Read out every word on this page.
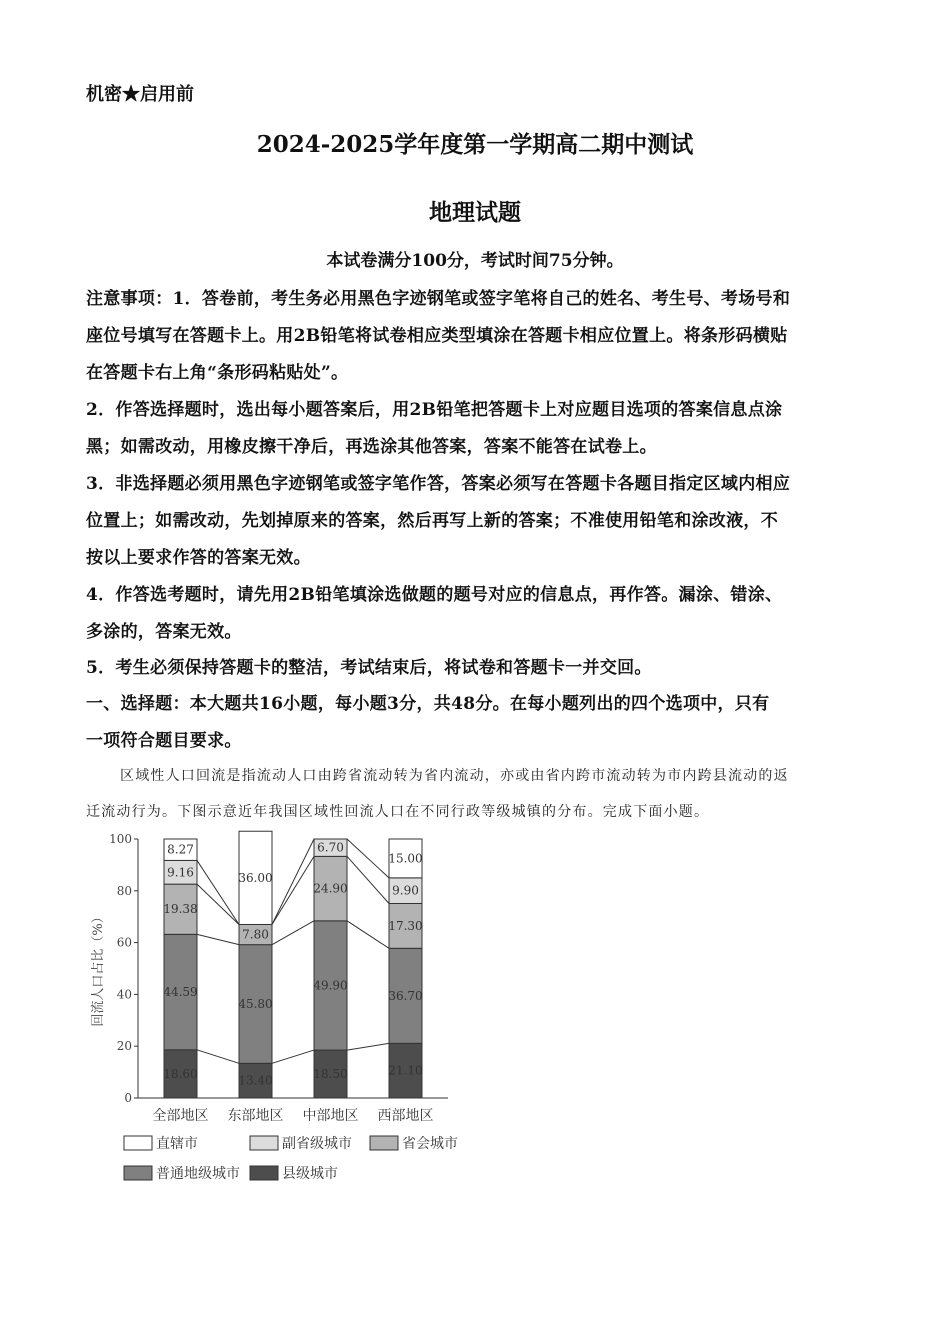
机密★启用前
2024-2025学年度第一学期高二期中测试
地理试题
本试卷满分100分，考试时间75分钟。
注意事项：1．答卷前，考生务必用黑色字迹钢笔或签字笔将自己的姓名、考生号、考场号和
座位号填写在答题卡上。用2B铅笔将试卷相应类型填涂在答题卡相应位置上。将条形码横贴
在答题卡右上角“条形码粘贴处”。
2．作答选择题时，选出每小题答案后，用2B铅笔把答题卡上对应题目选项的答案信息点涂
黑；如需改动，用橡皮擦干净后，再选涂其他答案，答案不能答在试卷上。
3．非选择题必须用黑色字迹钢笔或签字笔作答，答案必须写在答题卡各题目指定区域内相应
位置上；如需改动，先划掉原来的答案，然后再写上新的答案；不准使用铅笔和涂改液，不
按以上要求作答的答案无效。
4．作答选考题时，请先用2B铅笔填涂选做题的题号对应的信息点，再作答。漏涂、错涂、
多涂的，答案无效。
5．考生必须保持答题卡的整洁，考试结束后，将试卷和答题卡一并交回。
一、选择题：本大题共16小题，每小题3分，共48分。在每小题列出的四个选项中，只有
一项符合题目要求。
区域性人口回流是指流动人口由跨省流动转为省内流动，亦或由省内跨市流动转为市内跨县流动的返
迁流动行为。下图示意近年我国区域性回流人口在不同行政等级城镇的分布。完成下面小题。
0
20
40
60
80
100
回流人口占比（%）
18.60
44.59
19.38
9.16
8.27
全部地区
13.40
45.80
7.80
36.00
东部地区
18.50
49.90
24.90
6.70
中部地区
21.10
36.70
17.30
9.90
15.00
西部地区
直辖市	副省级城市	省会城市
普通地级城市	县级城市
